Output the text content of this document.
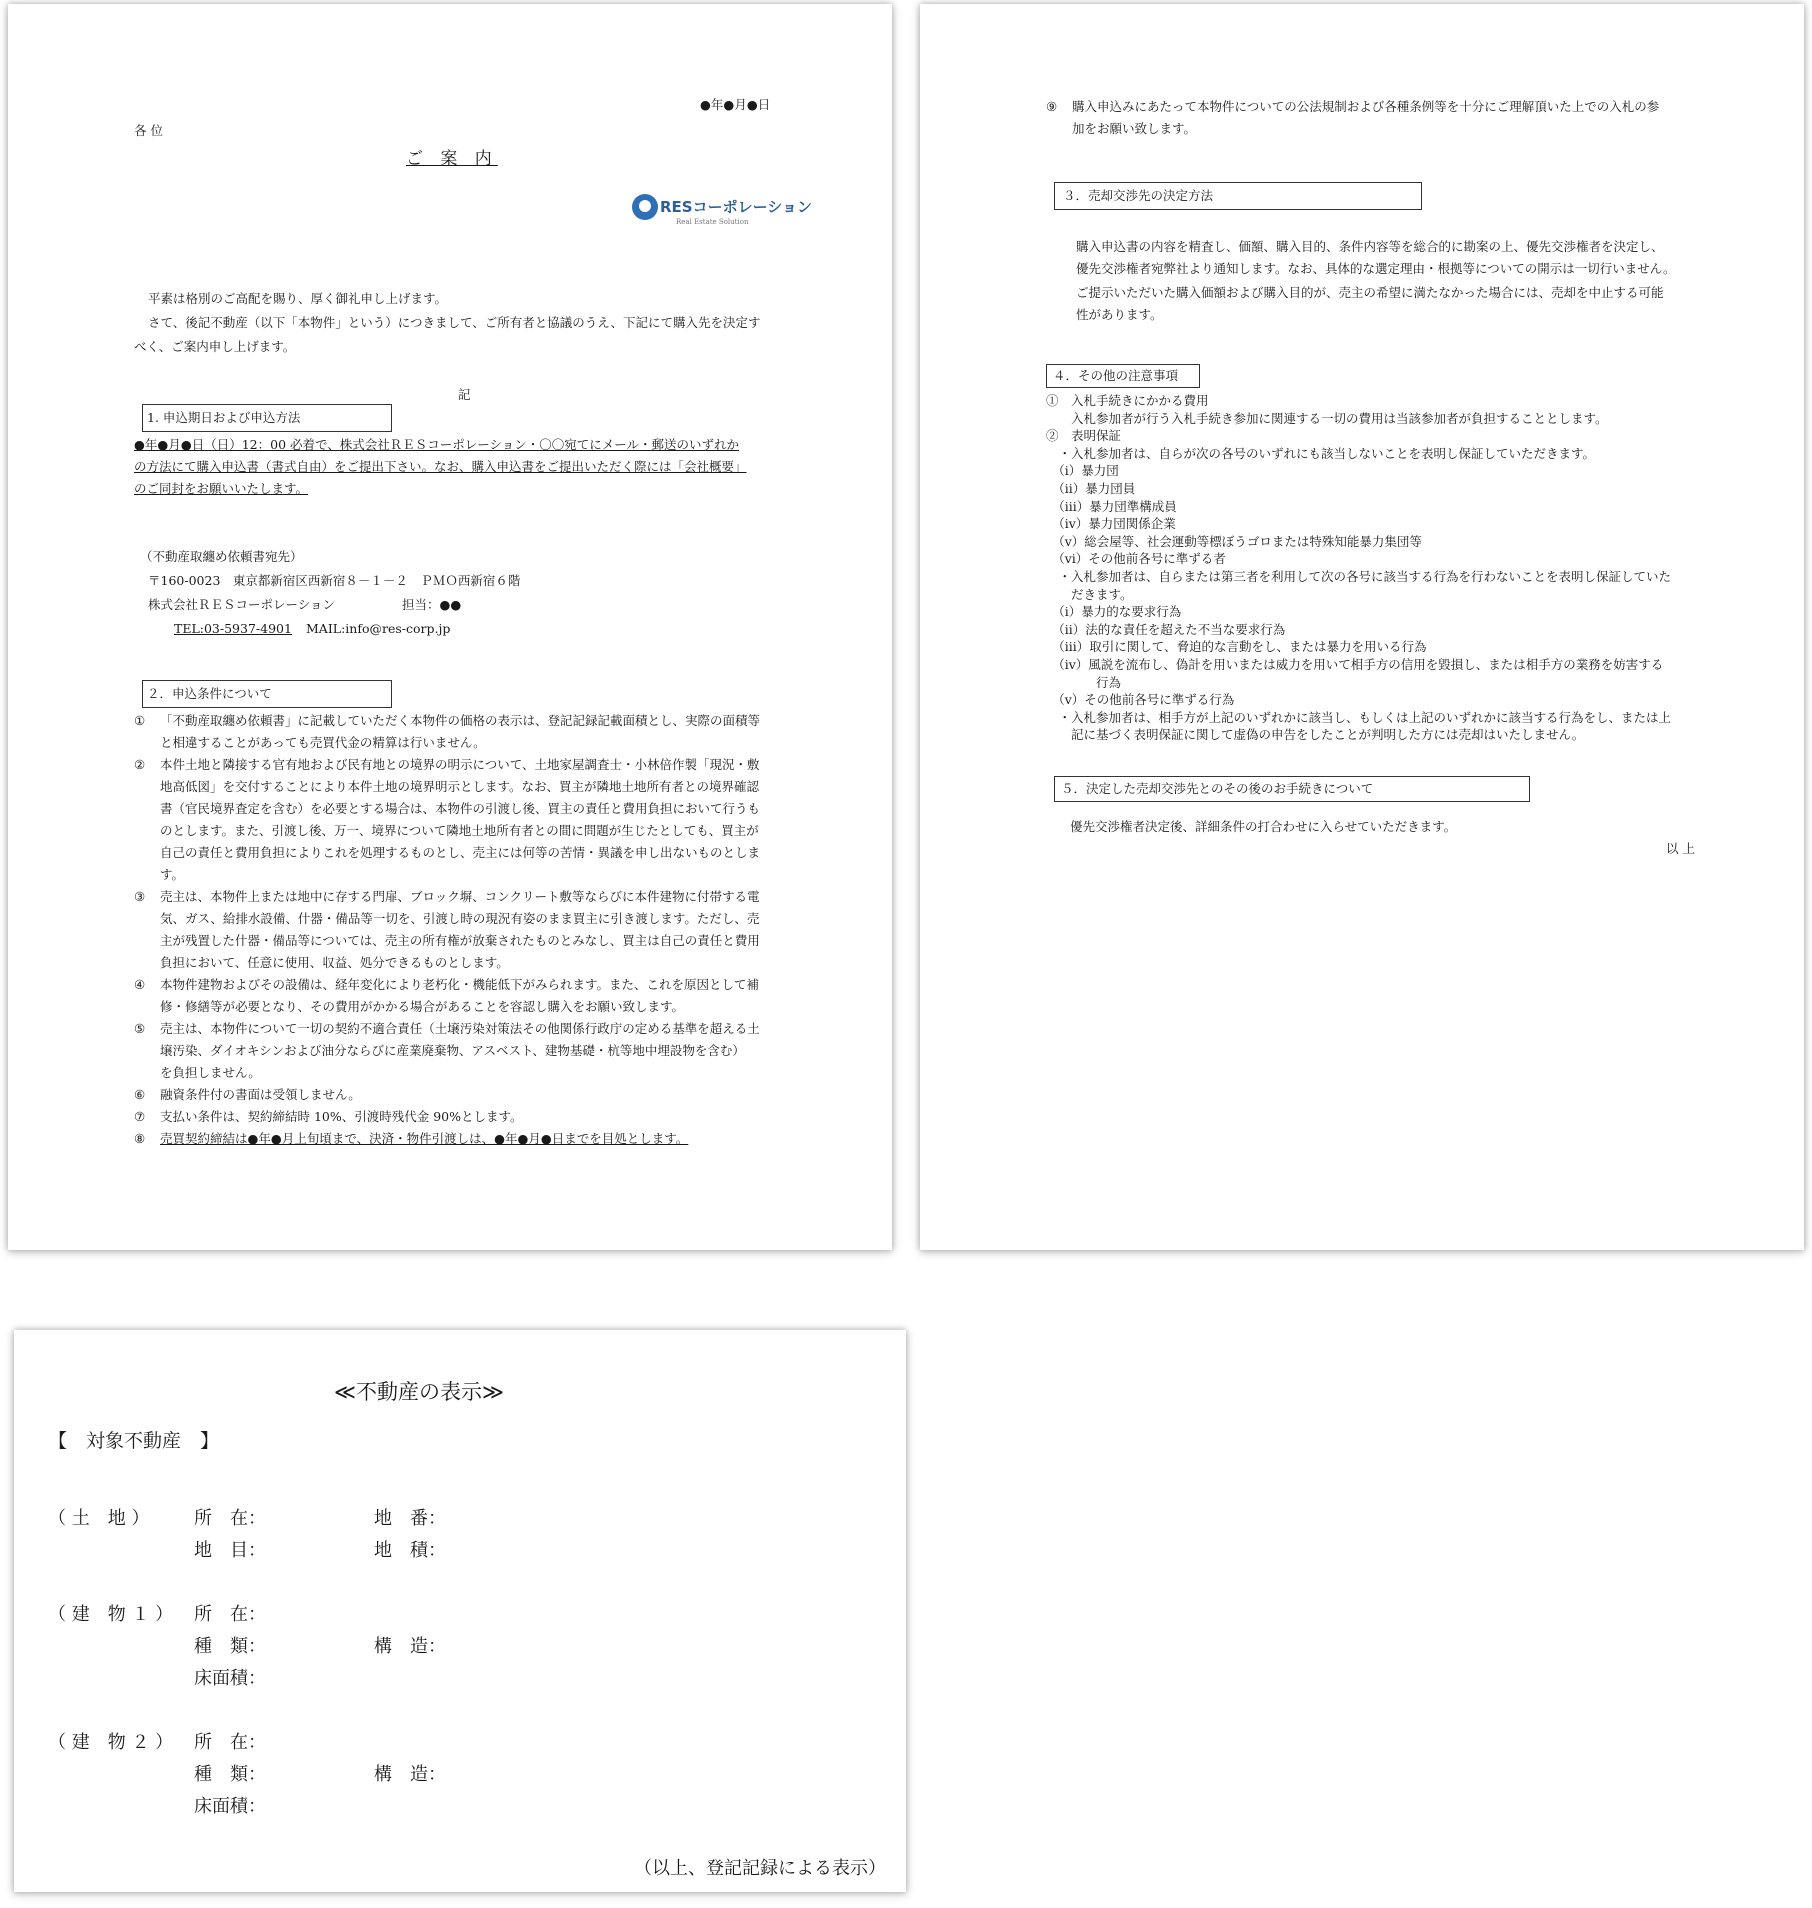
●年●月●日
各 位
ご 案 内
RESコーポレーション
Real Estate Solution
平素は格別のご高配を賜り、厚く御礼申し上げます。
さて、後記不動産（以下「本物件」という）につきまして、ご所有者と協議のうえ、下記にて購入先を決定す
べく、ご案内申し上げます。
記
1. 申込期日および申込方法
●年●月●日（日）12：00 必着で、株式会社ＲＥＳコーポレーション・〇〇宛てにメール・郵送のいずれか
の方法にて購入申込書（書式自由）をご提出下さい。なお、購入申込書をご提出いただく際には「会社概要」
のご同封をお願いいたします。
（不動産取纏め依頼書宛先）
〒160-0023　東京都新宿区西新宿８－１－２　ＰＭＯ西新宿６階
株式会社ＲＥＳコーポレーション	担当：●●
TEL:03-5937-4901 MAIL:info@res-corp.jp
２．申込条件について
① 「不動産取纏め依頼書」に記載していただく本物件の価格の表示は、登記記録記載面積とし、実際の面積等
と相違することがあっても売買代金の精算は行いません。
② 本件土地と隣接する官有地および民有地との境界の明示について、土地家屋調査士・小林倍作製「現況・敷
地高低図」を交付することにより本件土地の境界明示とします。なお、買主が隣地土地所有者との境界確認
書（官民境界査定を含む）を必要とする場合は、本物件の引渡し後、買主の責任と費用負担において行うも
のとします。また、引渡し後、万一、境界について隣地土地所有者との間に問題が生じたとしても、買主が
自己の責任と費用負担によりこれを処理するものとし、売主には何等の苦情・異議を申し出ないものとしま
す。
③ 売主は、本物件上または地中に存する門扉、ブロック塀、コンクリート敷等ならびに本件建物に付帯する電
気、ガス、給排水設備、什器・備品等一切を、引渡し時の現況有姿のまま買主に引き渡します。ただし、売
主が残置した什器・備品等については、売主の所有権が放棄されたものとみなし、買主は自己の責任と費用
負担において、任意に使用、収益、処分できるものとします。
④ 本物件建物およびその設備は、経年変化により老朽化・機能低下がみられます。また、これを原因として補
修・修繕等が必要となり、その費用がかかる場合があることを容認し購入をお願い致します。
⑤ 売主は、本物件について一切の契約不適合責任（土壌汚染対策法その他関係行政庁の定める基準を超える土
壌汚染、ダイオキシンおよび油分ならびに産業廃棄物、アスベスト、建物基礎・杭等地中埋設物を含む）
を負担しません。
⑥ 融資条件付の書面は受領しません。
⑦ 支払い条件は、契約締結時 10%、引渡時残代金 90%とします。
⑧ 売買契約締結は●年●月上旬頃まで、決済・物件引渡しは、●年●月●日までを目処とします。
⑨ 購入申込みにあたって本物件についての公法規制および各種条例等を十分にご理解頂いた上での入札の参
加をお願い致します。
３．売却交渉先の決定方法
購入申込書の内容を精査し、価額、購入目的、条件内容等を総合的に勘案の上、優先交渉権者を決定し、
優先交渉権者宛弊社より通知します。なお、具体的な選定理由・根拠等についての開示は一切行いません。
ご提示いただいた購入価額および購入目的が、売主の希望に満たなかった場合には、売却を中止する可能
性があります。
４．その他の注意事項
①　入札手続きにかかる費用
　　入札参加者が行う入札手続き参加に関連する一切の費用は当該参加者が負担することとします。
②　表明保証
　・入札参加者は、自らが次の各号のいずれにも該当しないことを表明し保証していただきます。
　（ⅰ）暴力団
　（ⅱ）暴力団員
　（ⅲ）暴力団準構成員
　（ⅳ）暴力団関係企業
　（ⅴ）総会屋等、社会運動等標ぼうゴロまたは特殊知能暴力集団等
　（ⅵ）その他前各号に準ずる者
　・入札参加者は、自らまたは第三者を利用して次の各号に該当する行為を行わないことを表明し保証していた
　　だきます。
　（ⅰ）暴力的な要求行為
　（ⅱ）法的な責任を超えた不当な要求行為
　（ⅲ）取引に関して、脅迫的な言動をし、または暴力を用いる行為
　（ⅳ）風説を流布し、偽計を用いまたは威力を用いて相手方の信用を毀損し、または相手方の業務を妨害する
　　　　行為
　（ⅴ）その他前各号に準ずる行為
　・入札参加者は、相手方が上記のいずれかに該当し、もしくは上記のいずれかに該当する行為をし、または上
　　記に基づく表明保証に関して虚偽の申告をしたことが判明した方には売却はいたしません。
５．決定した売却交渉先とのその後のお手続きについて
優先交渉権者決定後、詳細条件の打合わせに入らせていただきます。
以 上
≪不動産の表示≫
【　対象不動産　】
（ 土　地 ） 所　在：	地　番：
地　目：	地　積：
（ 建　物 １ ） 所　在：
種　類：	構　造：
床面積：
（ 建　物 ２ ） 所　在：
種　類：	構　造：
床面積：
（以上、登記記録による表示）
